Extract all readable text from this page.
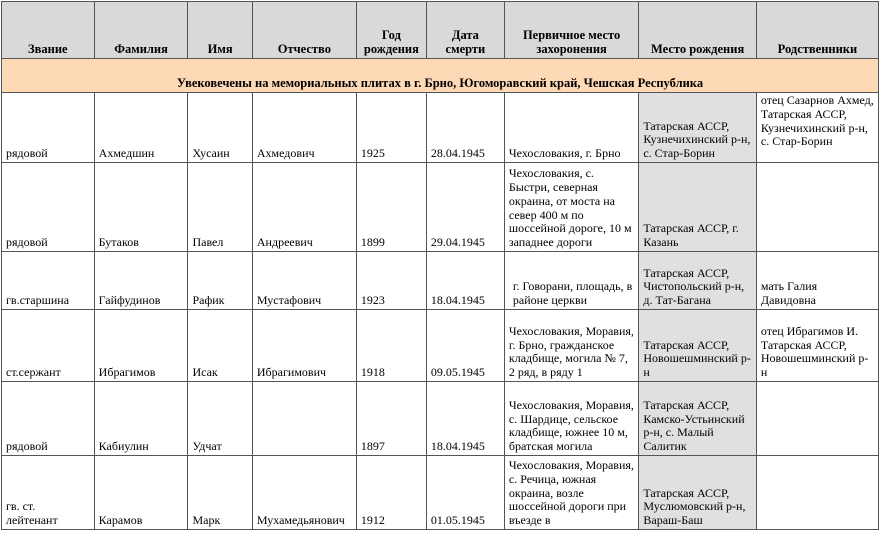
Звание	Фамилия	Имя	Отчество	Год рождения	Дата смерти	Первичное место захоронения	Место рождения	Родственники
Увековечены на мемориальных плитах в г. Брно, Югоморавский край, Чешская Республика								
рядовой	Ахмедшин	Хусаин	Ахмедович	1925	28.04.1945	Чехословакия, г. Брно	Татарская АССР, Кузнечихинский р-н, с. Стар-Борин	отец Сазарнов Ахмед, Татарская АССР, Кузнечихинский р-н, с. Стар-Борин
рядовой	Бутаков	Павел	Андреевич	1899	29.04.1945	Чехословакия, с. Быстри, северная окраина, от моста на север 400 м по шоссейной дороге, 10 м западнее дороги	Татарская АССР, г. Казань	
гв.старшина	Гайфудинов	Рафик	Мустафович	1923	18.04.1945	г. Говорани, площадь, в районе церкви	Татарская АССР, Чистопольский р-н, д. Тат-Багана	мать Галия Давидовна
ст.сержант	Ибрагимов	Исак	Ибрагимович	1918	09.05.1945	Чехословакия, Моравия, г. Брно, гражданское кладбище, могила № 7, 2 ряд, в ряду 1	Татарская АССР, Новошешминский р-н	отец Ибрагимов И. Татарская АССР, Новошешминский р-н
рядовой	Кабиулин	Удчат		1897	18.04.1945	Чехословакия, Моравия, с. Шардице, сельское кладбище, южнее 10 м, братская могила	Татарская АССР, Камско-Устьинский р-н, с. Малый Салитик	
гв. ст. лейтенант	Карамов	Марк	Мухамедьянович	1912	01.05.1945	Чехословакия, Моравия, с. Речица, южная окраина, возле шоссейной дороги при въезде в	Татарская АССР, Муслюмовский р-н, Вараш-Баш	
